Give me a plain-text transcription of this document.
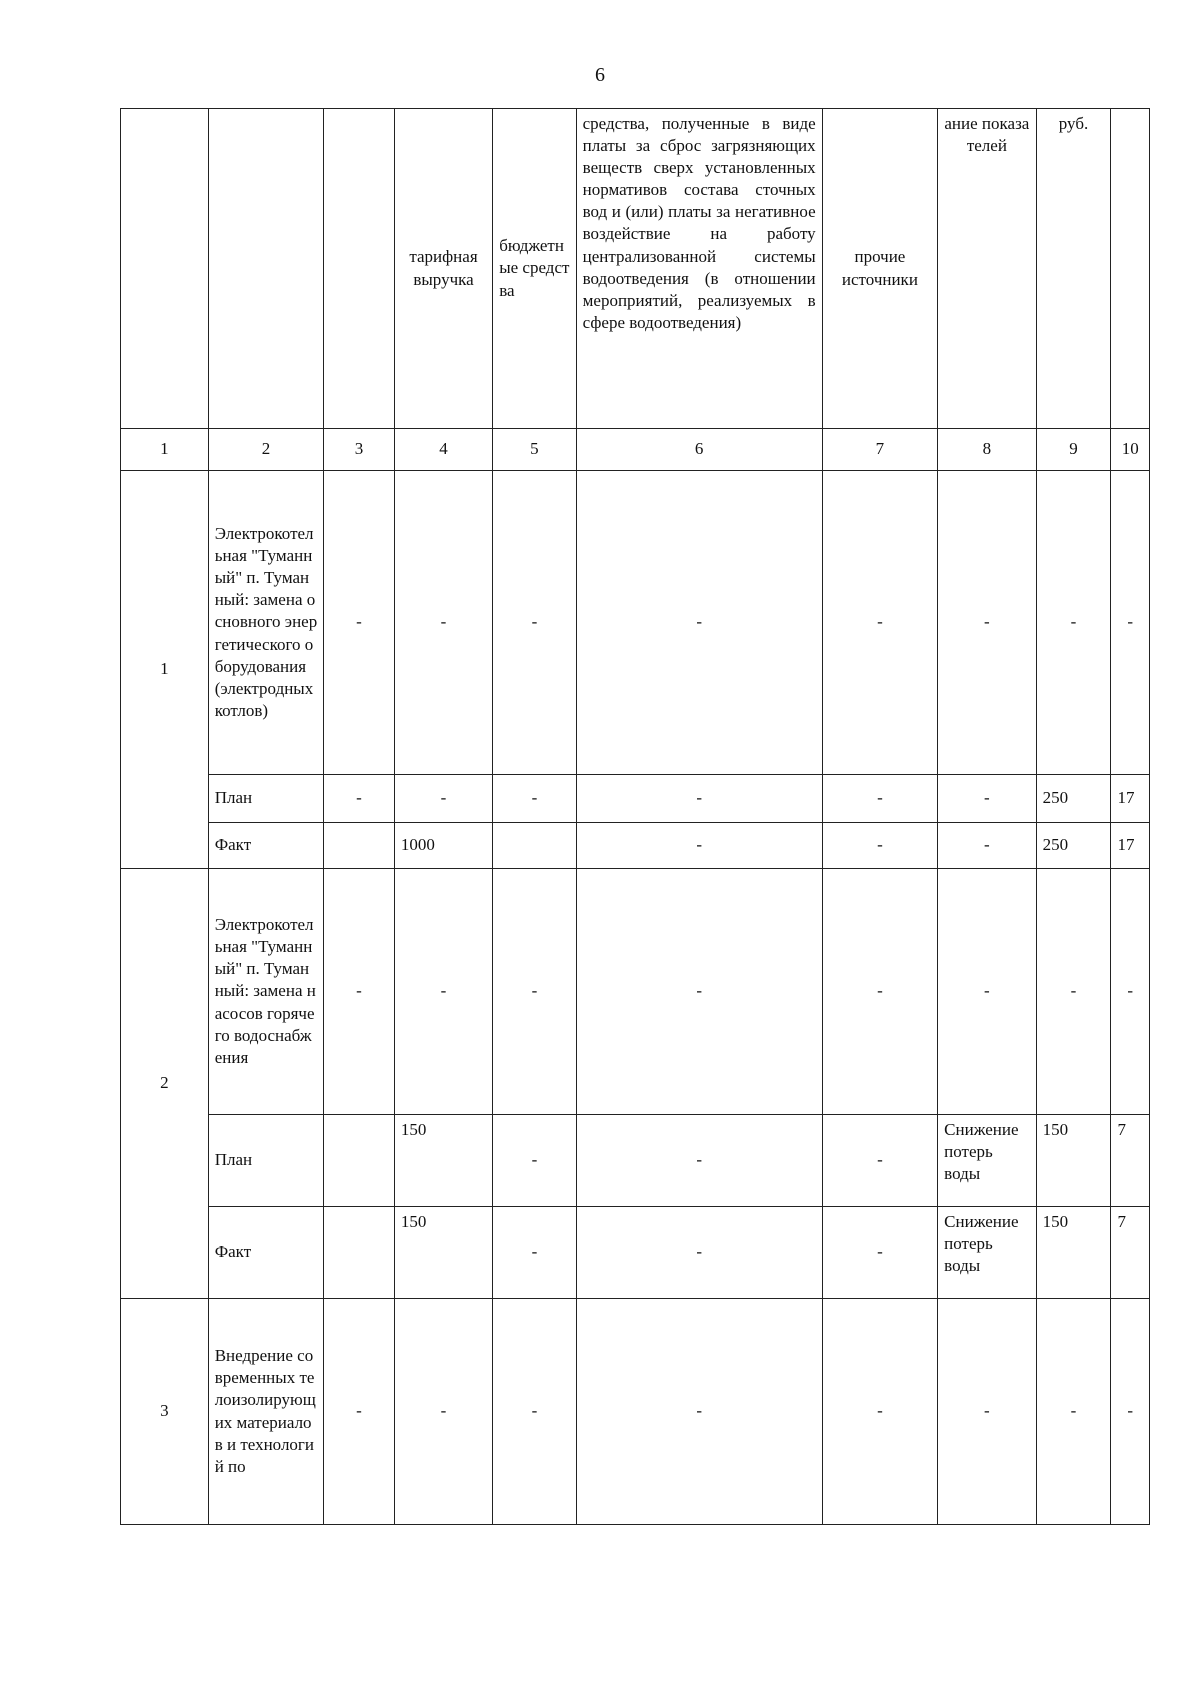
6
			тарифная выручка	бюджетные средства	средства, полученные в виде платы за сброс загрязняющих веществ сверх установленных нормативов состава сточных вод и (или) платы за негативное воздействие на работу централизованной системы водоотведения (в отношении мероприятий, реализуемых в сфере водоотведения)	прочие источники	ание показателей	руб.	
1	2	3	4	5	6	7	8	9	10
1	Электрокотельная "Туманный" п. Туманный: замена основного энергетического оборудования (электродных котлов)	-	-	-	-	-	-	-	-
	План	-	-	-	-	-	-	250	17
	Факт		1000		-	-	-	250	17
2	Электрокотельная "Туманный" п. Туманный: замена насосов горячего водоснабжения	-	-	-	-	-	-	-	-
	План		150	-	-	-	Снижение потерь воды	150	7
	Факт		150	-	-	-	Снижение потерь воды	150	7
3	Внедрение современных телоизолирующих материалов и технологий по	-	-	-	-	-	-	-	-
